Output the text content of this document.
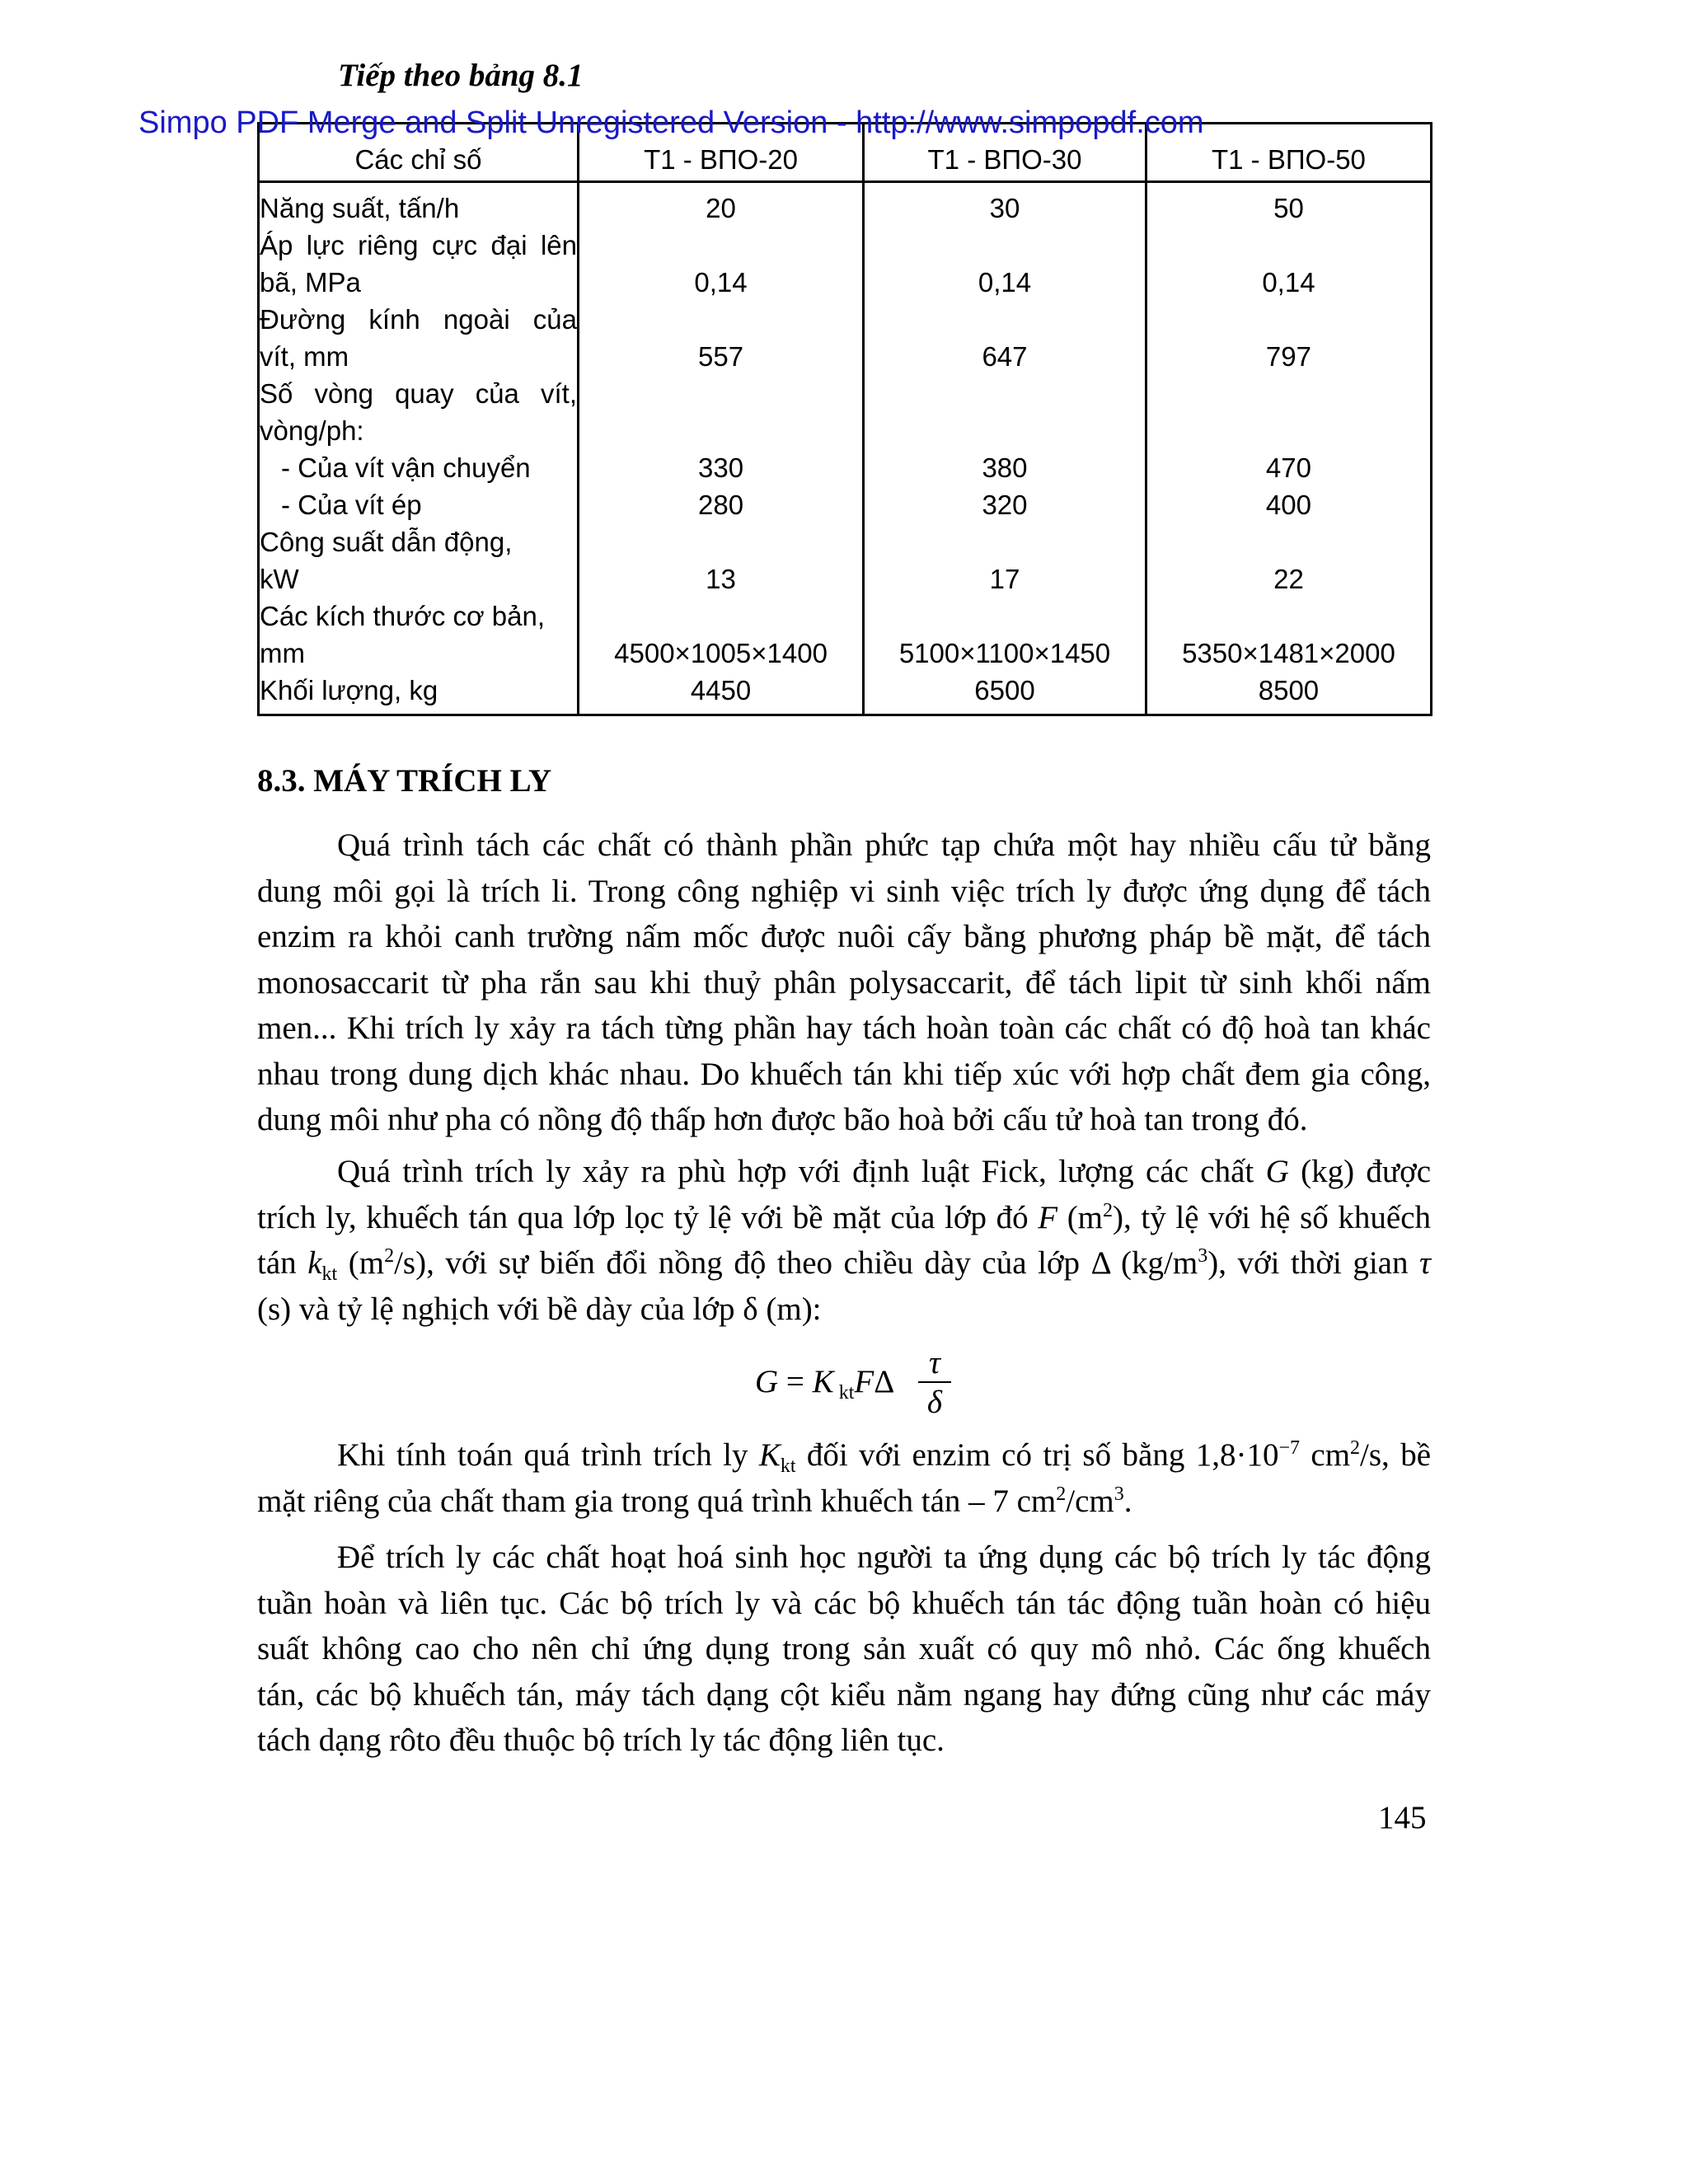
Tiếp theo bảng 8.1
Các chỉ số	T1 - BПО-20	T1 - BПО-30	T1 - BПО-50

Năng suất, tấn/h	20	30	50

Áp lực riêng cực đại lên
bã, MPa	0,14	0,14	0,14

Đường kính ngoài của
vít, mm	557	647	797

Số vòng quay của vít,
vòng/ph:			

- Của vít vận chuyển	330	380	470

- Của vít ép	280	320	400

Công suất dẫn động,
kW	13	17	22

Các kích thước cơ bản,
mm	4500×1005×1400	5100×1100×1450	5350×1481×2000

Khối lượng, kg	4450	6500	8500
Simpo PDF Merge and Split Unregistered Version - http://www.simpopdf.com
8.3. MÁY TRÍCH LY
Quá trình tách các chất có thành phần phức tạp chứa một hay nhiều cấu tử bằng
dung môi gọi là trích li. Trong công nghiệp vi sinh việc trích ly được ứng dụng để tách
enzim ra khỏi canh trường nấm mốc được nuôi cấy bằng phương pháp bề mặt, để tách
monosaccarit từ pha rắn sau khi thuỷ phân polysaccarit, để tách lipit từ sinh khối nấm
men... Khi trích ly xảy ra tách từng phần hay tách hoàn toàn các chất có độ hoà tan khác
nhau trong dung dịch khác nhau. Do khuếch tán khi tiếp xúc với hợp chất đem gia công,
dung môi như pha có nồng độ thấp hơn được bão hoà bởi cấu tử hoà tan trong đó.
Quá trình trích ly xảy ra phù hợp với định luật Fick, lượng các chất G (kg) được
trích ly, khuếch tán qua lớp lọc tỷ lệ với bề mặt của lớp đó F $(m^2)$, tỷ lệ với hệ số khuếch
tán $k_{kt}$ $(m^2/s)$, với sự biến đổi nồng độ theo chiều dày của lớp Δ $(kg/m^3)$, với thời gian τ
(s) và tỷ lệ nghịch với bề dày của lớp δ (m):
G = K $_{kt}$FΔ
τ
δ
Khi tính toán quá trình trích ly $K_{kt}$ đối với enzim có trị số bằng $1,8\cdot 10^{-7}$ $cm^2/s$, bề
mặt riêng của chất tham gia trong quá trình khuếch tán – 7 $cm^2/cm^3$.
Để trích ly các chất hoạt hoá sinh học người ta ứng dụng các bộ trích ly tác động
tuần hoàn và liên tục. Các bộ trích ly và các bộ khuếch tán tác động tuần hoàn có hiệu
suất không cao cho nên chỉ ứng dụng trong sản xuất có quy mô nhỏ. Các ống khuếch
tán, các bộ khuếch tán, máy tách dạng cột kiểu nằm ngang hay đứng cũng như các máy
tách dạng rôto đều thuộc bộ trích ly tác động liên tục.
145
